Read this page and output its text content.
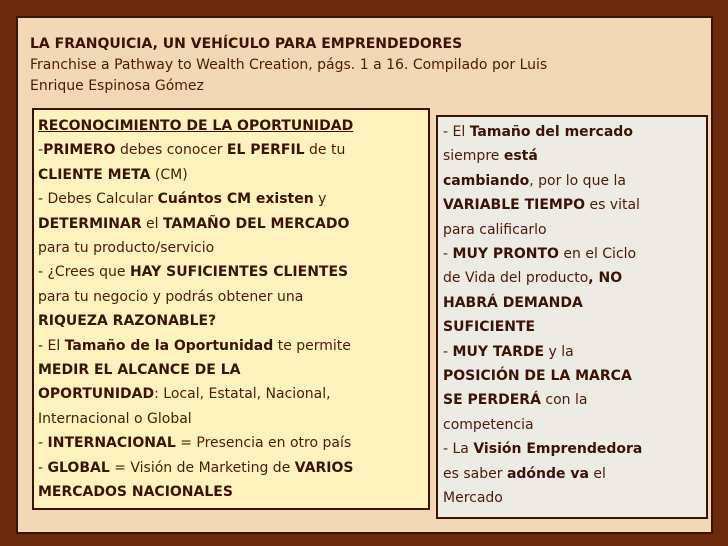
LA FRANQUICIA, UN VEHÍCULO PARA EMPRENDEDORES
Franchise a Pathway to Wealth Creation, págs. 1 a 16. Compilado por Luis
Enrique Espinosa Gómez
RECONOCIMIENTO DE LA OPORTUNIDAD
-PRIMERO debes conocer EL PERFIL de tu
CLIENTE META (CM)
- Debes Calcular Cuántos CM existen y
DETERMINAR el TAMAÑO DEL MERCADO
para tu producto/servicio
- ¿Crees que HAY SUFICIENTES CLIENTES
para tu negocio y podrás obtener una
RIQUEZA RAZONABLE?
- El Tamaño de la Oportunidad te permite
MEDIR EL ALCANCE DE LA
OPORTUNIDAD: Local, Estatal, Nacional,
Internacional o Global
- INTERNACIONAL = Presencia en otro país
- GLOBAL = Visión de Marketing de VARIOS
MERCADOS NACIONALES
- El Tamaño del mercado
siempre está
cambiando, por lo que la
VARIABLE TIEMPO es vital
para calificarlo
- MUY PRONTO en el Ciclo
de Vida del producto, NO
HABRÁ DEMANDA
SUFICIENTE
- MUY TARDE y la
POSICIÓN DE LA MARCA
SE PERDERÁ con la
competencia
- La Visión Emprendedora
es saber adónde va el
Mercado
